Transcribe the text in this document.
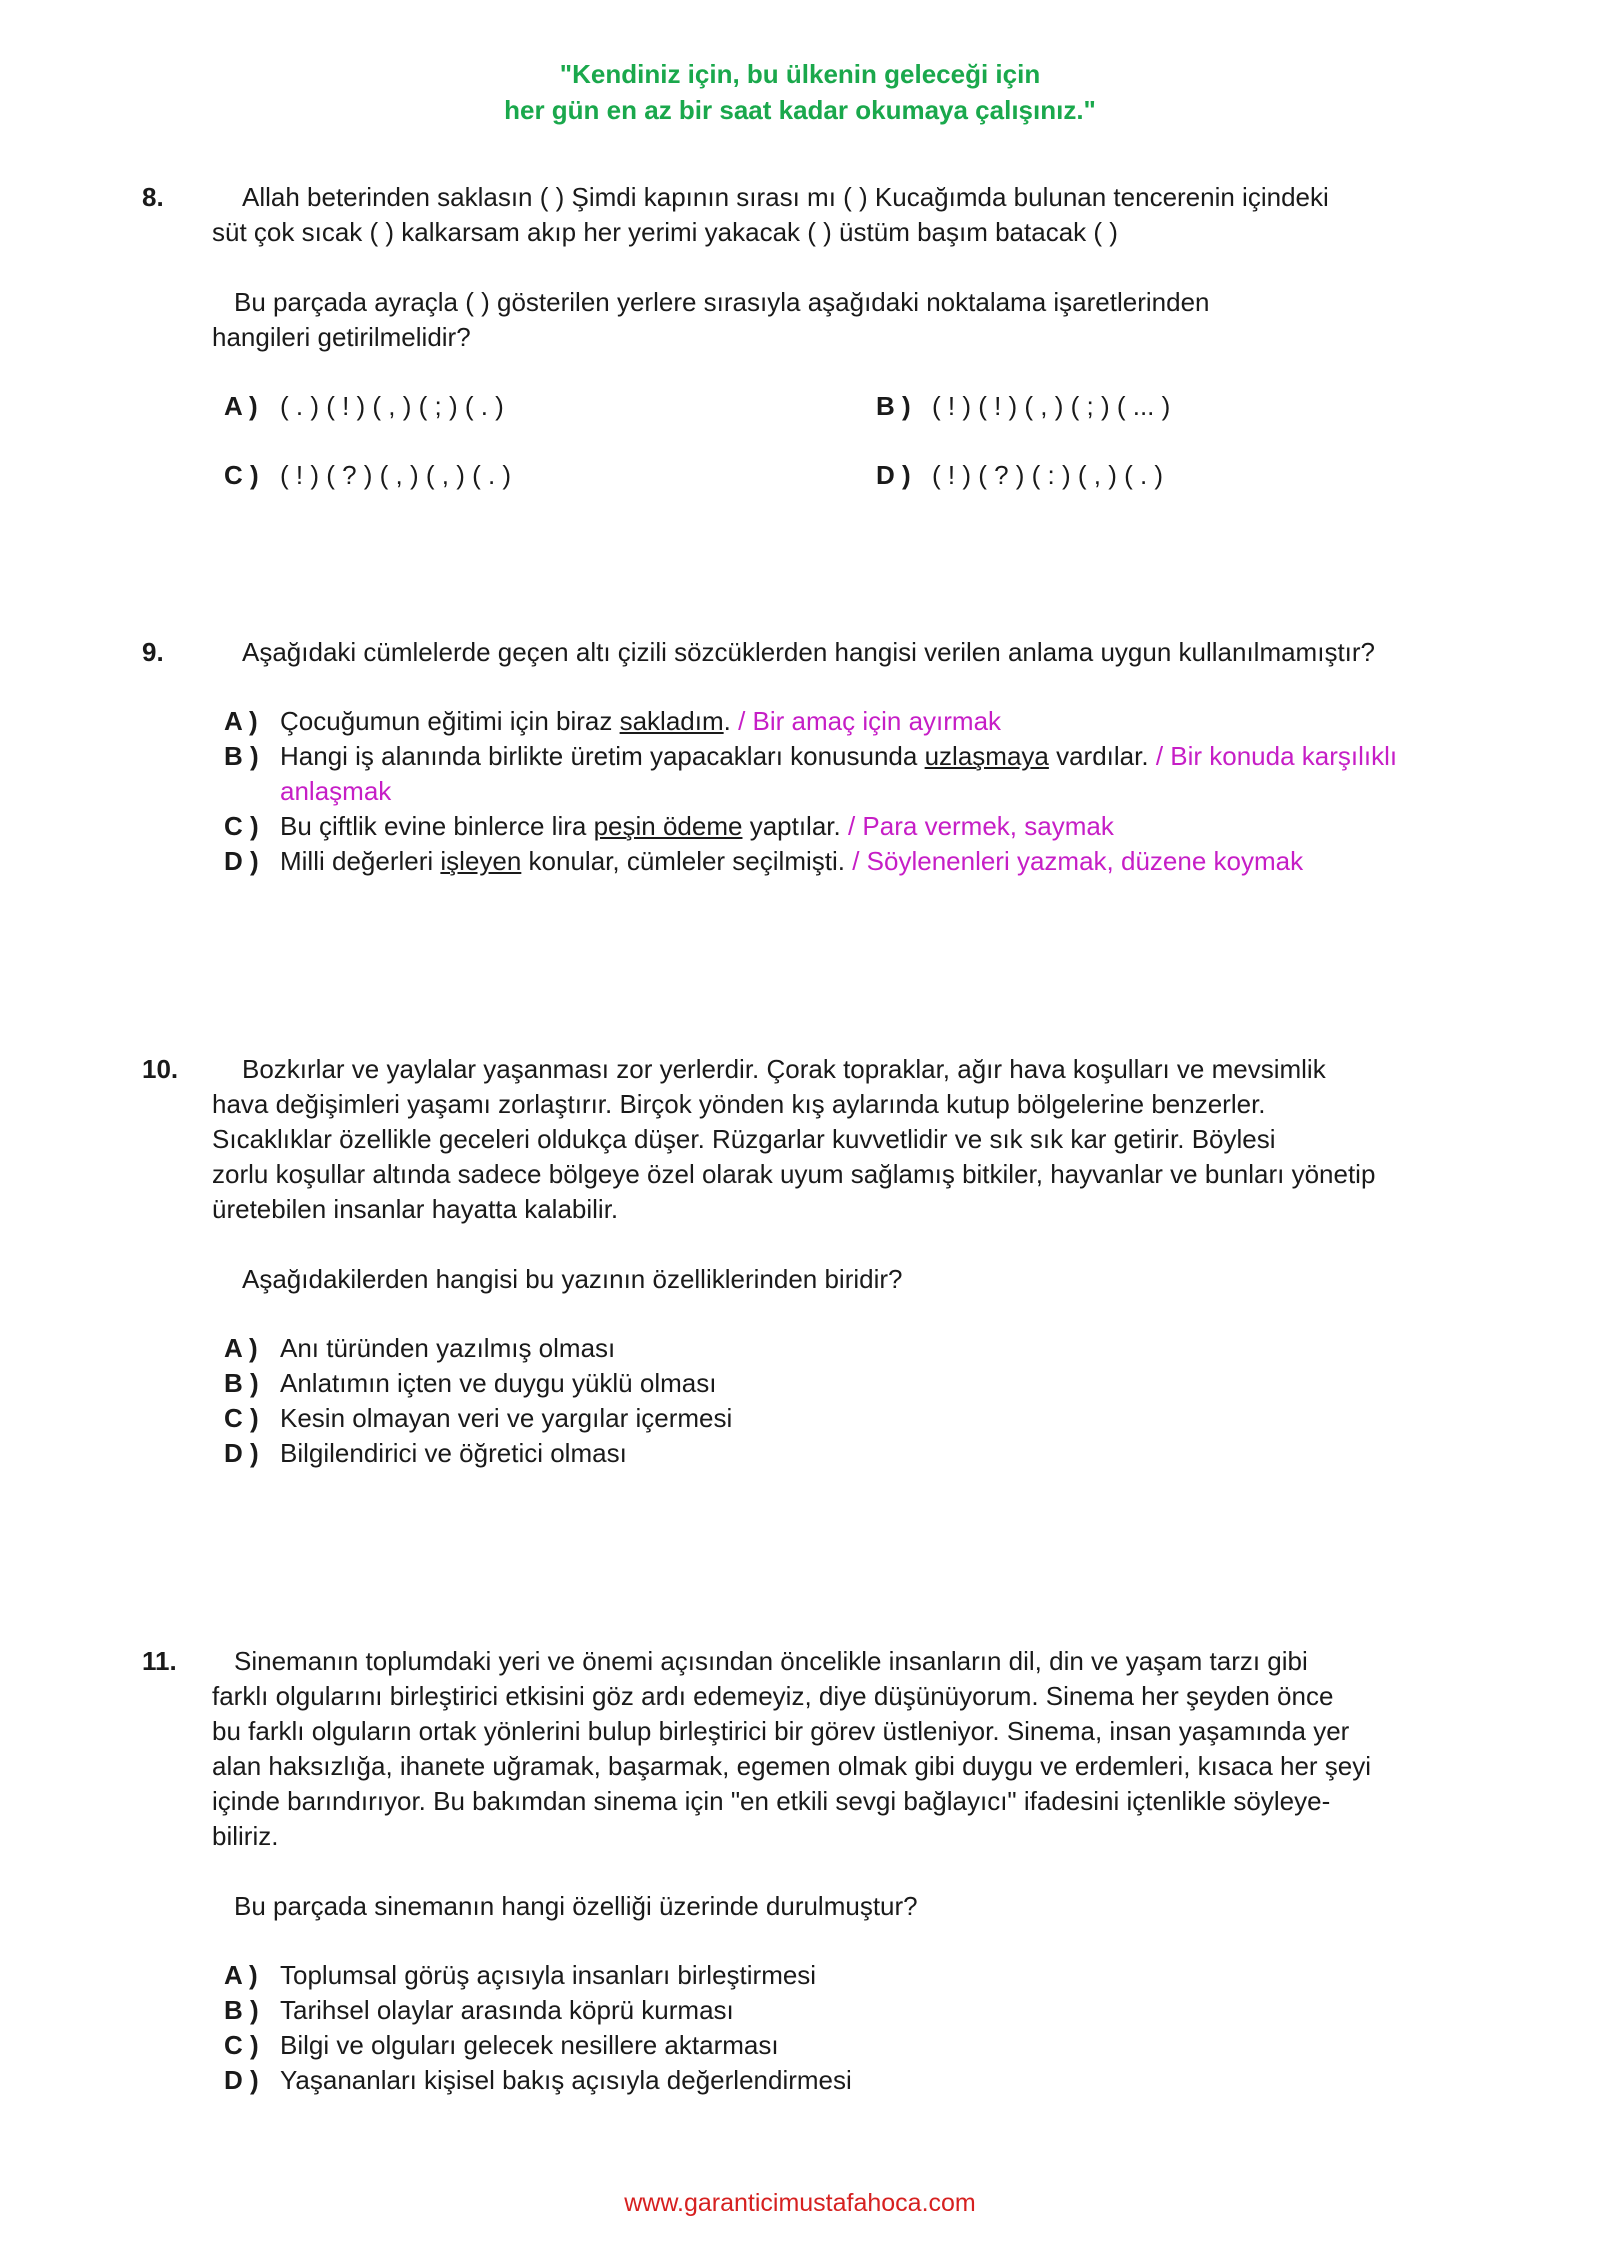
"Kendiniz için, bu ülkenin geleceği için
her gün en az bir saat kadar okumaya çalışınız."
8.	Allah beterinden saklasın ( ) Şimdi kapının sırası mı ( ) Kucağımda bulunan tencerenin içindeki
süt çok sıcak ( ) kalkarsam akıp her yerimi yakacak ( ) üstüm başım batacak ( )
Bu parçada ayraçla ( ) gösterilen yerlere sırasıyla aşağıdaki noktalama işaretlerinden
hangileri getirilmelidir?
A ) ( . ) ( ! ) ( , ) ( ; ) ( . )	B ) ( ! ) ( ! ) ( , ) ( ; ) ( ... )
C ) ( ! ) ( ? ) ( , ) ( , ) ( . )	D ) ( ! ) ( ? ) ( : ) ( , ) ( . )
9.	Aşağıdaki cümlelerde geçen altı çizili sözcüklerden hangisi verilen anlama uygun kullanılmamıştır?
A ) Çocuğumun eğitimi için biraz sakladım. / Bir amaç için ayırmak
B ) Hangi iş alanında birlikte üretim yapacakları konusunda uzlaşmaya vardılar. / Bir konuda karşılıklı anlaşmak
C ) Bu çiftlik evine binlerce lira peşin ödeme yaptılar. / Para vermek, saymak
D ) Milli değerleri işleyen konular, cümleler seçilmişti. / Söylenenleri yazmak, düzene koymak
10.	Bozkırlar ve yaylalar yaşanması zor yerlerdir. Çorak topraklar, ağır hava koşulları ve mevsimlik
hava değişimleri yaşamı zorlaştırır. Birçok yönden kış aylarında kutup bölgelerine benzerler.
Sıcaklıklar özellikle geceleri oldukça düşer. Rüzgarlar kuvvetlidir ve sık sık kar getirir. Böylesi
zorlu koşullar altında sadece bölgeye özel olarak uyum sağlamış bitkiler, hayvanlar ve bunları yönetip
üretebilen insanlar hayatta kalabilir.
Aşağıdakilerden hangisi bu yazının özelliklerinden biridir?
A ) Anı türünden yazılmış olması
B ) Anlatımın içten ve duygu yüklü olması
C ) Kesin olmayan veri ve yargılar içermesi
D ) Bilgilendirici ve öğretici olması
11.	Sinemanın toplumdaki yeri ve önemi açısından öncelikle insanların dil, din ve yaşam tarzı gibi
farklı olgularını birleştirici etkisini göz ardı edemeyiz, diye düşünüyorum. Sinema her şeyden önce
bu farklı olguların ortak yönlerini bulup birleştirici bir görev üstleniyor. Sinema, insan yaşamında yer
alan haksızlığa, ihanete uğramak, başarmak, egemen olmak gibi duygu ve erdemleri, kısaca her şeyi
içinde barındırıyor. Bu bakımdan sinema için "en etkili sevgi bağlayıcı" ifadesini içtenlikle söyleye-
biliriz.
Bu parçada sinemanın hangi özelliği üzerinde durulmuştur?
A ) Toplumsal görüş açısıyla insanları birleştirmesi
B ) Tarihsel olaylar arasında köprü kurması
C ) Bilgi ve olguları gelecek nesillere aktarması
D ) Yaşananları kişisel bakış açısıyla değerlendirmesi
www.garanticimustafahoca.com
